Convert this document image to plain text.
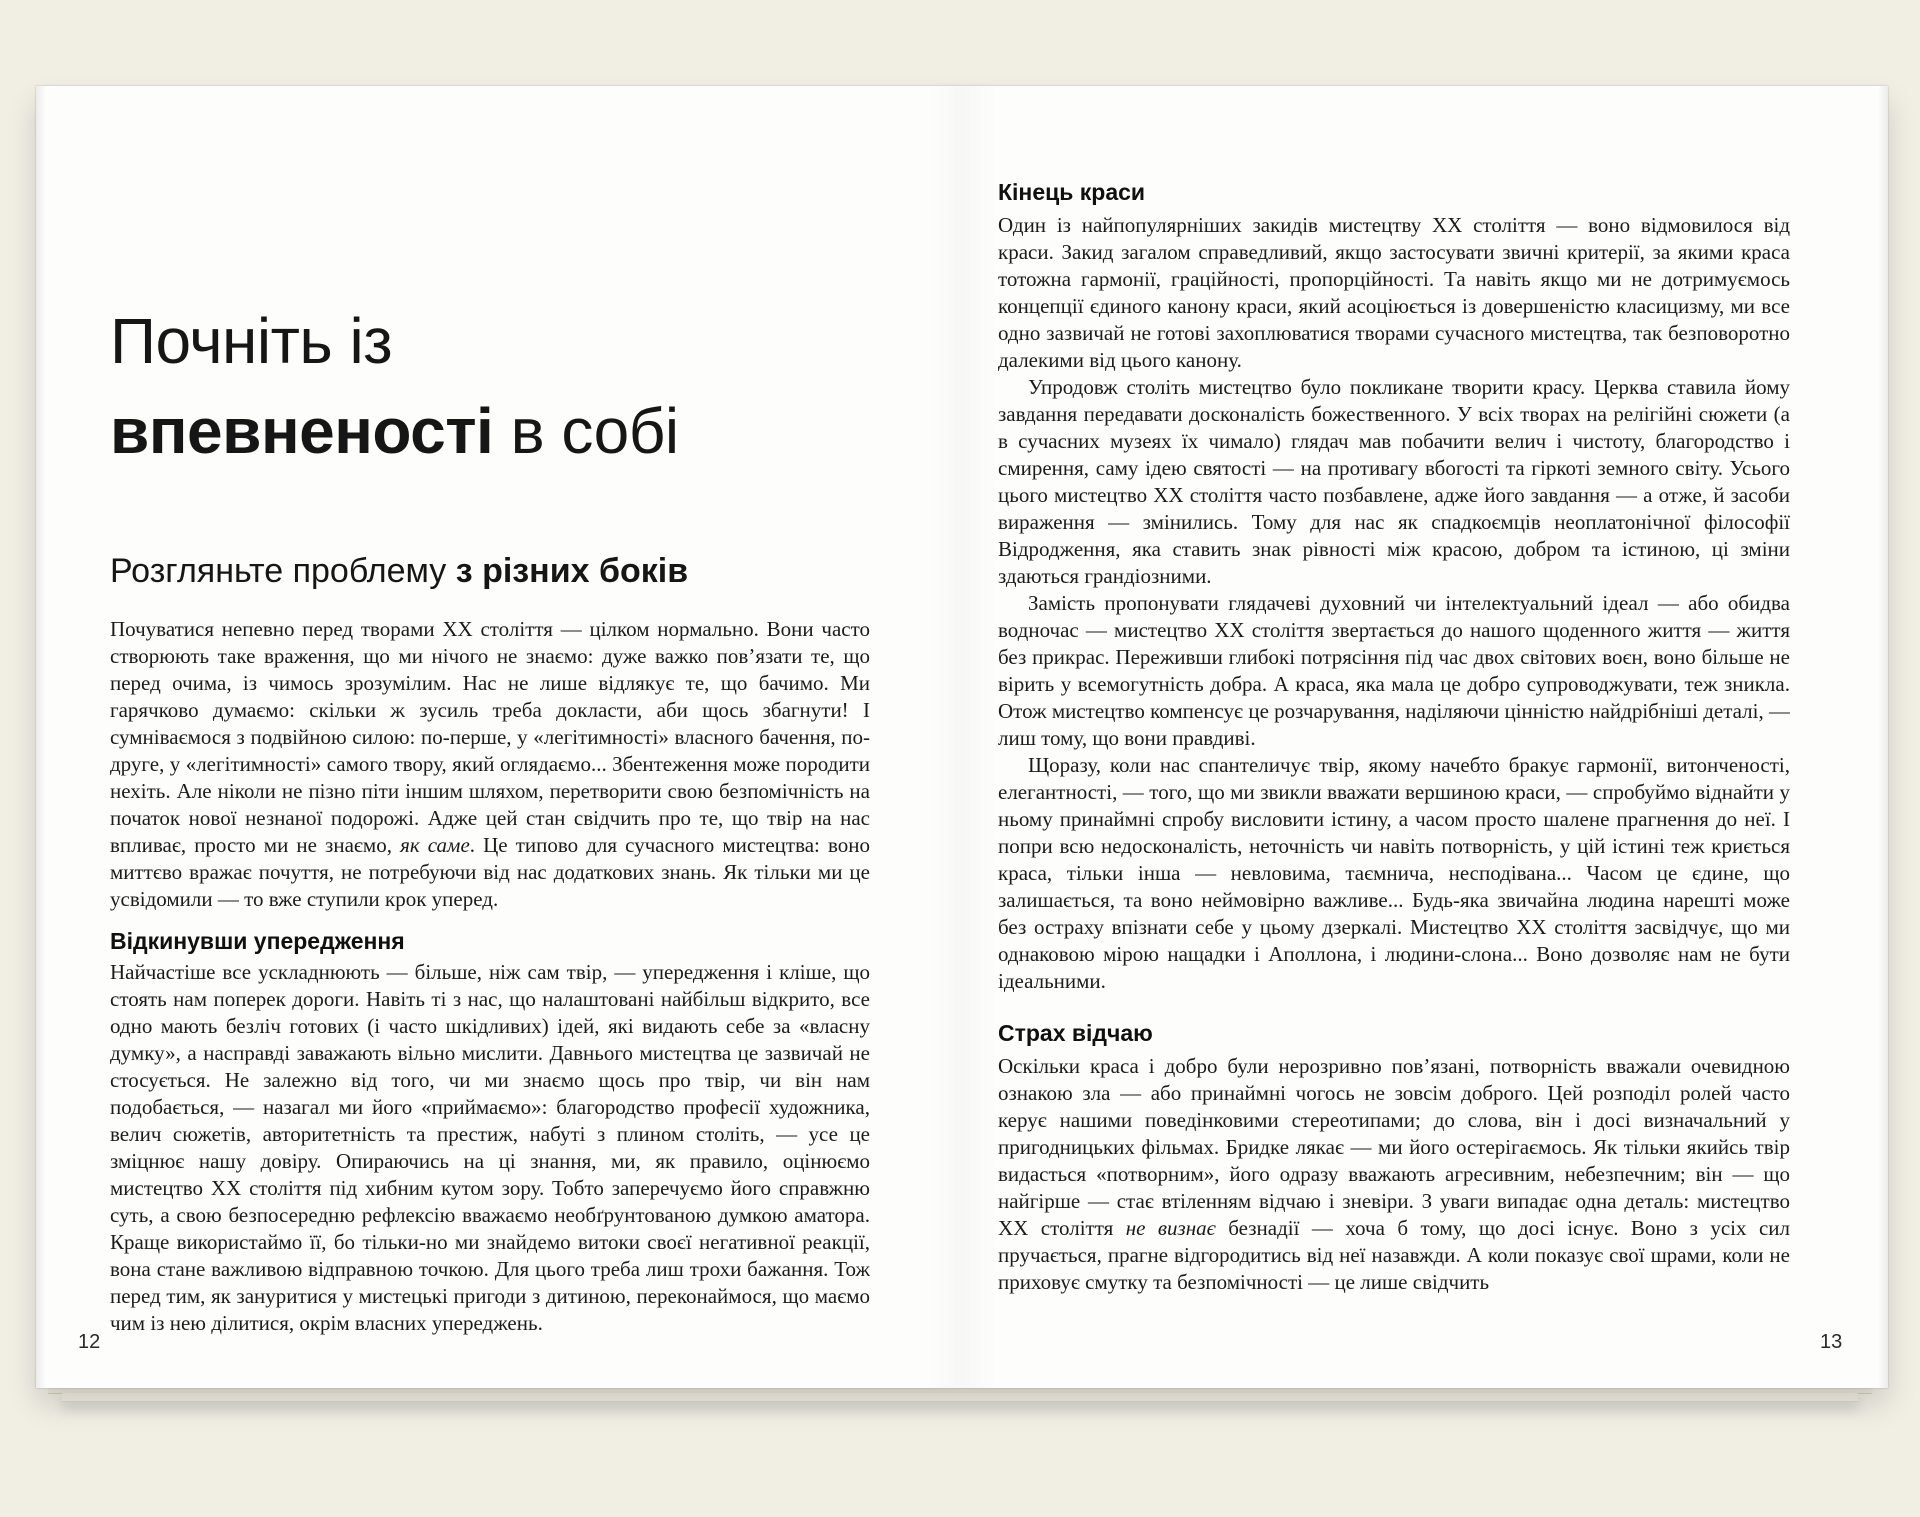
Почніть із
впевненості в собі
Розгляньте проблему з різних боків

Почуватися непевно перед творами XX століття — цілком нормально. Вони часто створюють таке враження, що ми нічого не знаємо: дуже важко пов’язати те, що перед очима, із чимось зрозумілим. Нас не лише відлякує те, що бачимо. Ми гарячково думаємо: скільки ж зусиль треба докласти, аби щось збагнути! І сумніваємося з подвійною силою: по-перше, у «легітимності» власного бачення, по-друге, у «легітимності» самого твору, який оглядаємо... Збентеження може породити нехіть. Але ніколи не пізно піти іншим шляхом, перетворити свою безпомічність на початок нової незнаної подорожі. Адже цей стан свідчить про те, що твір на нас впливає, просто ми не знаємо, як саме. Це типово для сучасного мистецтва: воно миттєво вражає почуття, не потребуючи від нас додаткових знань. Як тільки ми це усвідомили — то вже ступили крок уперед.

Відкинувши упередження

Найчастіше все ускладнюють — більше, ніж сам твір, — упередження і кліше, що стоять нам поперек дороги. Навіть ті з нас, що налаштовані найбільш відкрито, все одно мають безліч готових (і часто шкідливих) ідей, які видають себе за «власну думку», а насправді заважають вільно мислити. Давнього мистецтва це зазвичай не стосується. Не залежно від того, чи ми знаємо щось про твір, чи він нам подобається, — назагал ми його «приймаємо»: благородство професії художника, велич сюжетів, авторитетність та престиж, набуті з плином століть, — усе це зміцнює нашу довіру. Опираючись на ці знання, ми, як правило, оцінюємо мистецтво XX століття під хибним кутом зору. Тобто заперечуємо його справжню суть, а свою безпосередню рефлексію вважаємо необґрунтованою думкою аматора. Краще використаймо її, бо тільки-но ми знайдемо витоки своєї негативної реакції, вона стане важливою відправною точкою. Для цього треба лиш трохи бажання. Тож перед тим, як зануритися у мистецькі пригоди з дитиною, переконаймося, що маємо чим із нею ділитися, окрім власних упереджень.

Кінець краси

Один із найпопулярніших закидів мистецтву XX століття — воно відмовилося від краси. Закид загалом справедливий, якщо застосувати звичні критерії, за якими краса тотожна гармонії, граційності, пропорційності. Та навіть якщо ми не дотримуємось концепції єдиного канону краси, який асоціюється із довершеністю класицизму, ми все одно зазвичай не готові захоплюватися творами сучасного мистецтва, так безповоротно далекими від цього канону.

Упродовж століть мистецтво було покликане творити красу. Церква ставила йому завдання передавати досконалість божественного. У всіх творах на релігійні сюжети (а в сучасних музеях їх чимало) глядач мав побачити велич і чистоту, благородство і смирення, саму ідею святості — на противагу вбогості та гіркоті земного світу. Усього цього мистецтво XX століття часто позбавлене, адже його завдання — а отже, й засоби вираження — змінились. Тому для нас як спадкоємців неоплатонічної філософії Відродження, яка ставить знак рівності між красою, добром та істиною, ці зміни здаються грандіозними.

Замість пропонувати глядачеві духовний чи інтелектуальний ідеал — або обидва водночас — мистецтво XX століття звертається до нашого щоденного життя — життя без прикрас. Переживши глибокі потрясіння під час двох світових воєн, воно більше не вірить у всемогутність добра. А краса, яка мала це добро супроводжувати, теж зникла. Отож мистецтво компенсує це розчарування, наділяючи цінністю найдрібніші деталі, — лиш тому, що вони правдиві.

Щоразу, коли нас спантеличує твір, якому начебто бракує гармонії, витонченості, елегантності, — того, що ми звикли вважати вершиною краси, — спробуймо віднайти у ньому принаймні спробу висловити істину, а часом просто шалене прагнення до неї. І попри всю недосконалість, неточність чи навіть потворність, у цій істині теж криється краса, тільки інша — невловима, таємнича, несподівана... Часом це єдине, що залишається, та воно неймовірно важливе... Будь-яка звичайна людина нарешті може без остраху впізнати себе у цьому дзеркалі. Мистецтво XX століття засвідчує, що ми однаковою мірою нащадки і Аполлона, і людини-слона... Воно дозволяє нам не бути ідеальними.

Страх відчаю

Оскільки краса і добро були нерозривно пов’язані, потворність вважали очевидною ознакою зла — або принаймні чогось не зовсім доброго. Цей розподіл ролей часто керує нашими поведінковими стереотипами; до слова, він і досі визначальний у пригодницьких фільмах. Бридке лякає — ми його остерігаємось. Як тільки якийсь твір видасться «потворним», його одразу вважають агресивним, небезпечним; він — що найгірше — стає втіленням відчаю і зневіри. З уваги випадає одна деталь: мистецтво XX століття не визнає безнадії — хоча б тому, що досі існує. Воно з усіх сил пручається, прагне відгородитись від неї назавжди. А коли показує свої шрами, коли не приховує смутку та безпомічності — це лише свідчить

12	13
